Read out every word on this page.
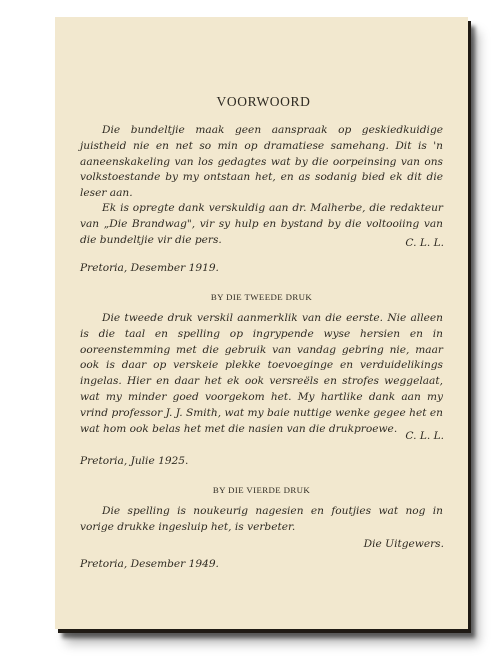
VOORWOORD

Die bundeltjie maak geen aanspraak op geskiedkuidige juistheid nie en net so min op dramatiese samehang. Dit is 'n aaneenskakeling van los gedagtes wat by die oorpeinsing van ons volkstoestande by my ontstaan het, en as sodanig bied ek dit die leser aan.

Ek is opregte dank verskuldig aan dr. Malherbe, die redakteur van „Die Brandwag", vir sy hulp en bystand by die voltooiing van die bundeltjie vir die pers.	C. L. L.

Pretoria, Desember 1919.

BY DIE TWEEDE DRUK

Die tweede druk verskil aanmerklik van die eerste. Nie alleen is die taal en spelling op ingrypende wyse hersien en in ooreenstemming met die gebruik van vandag gebring nie, maar ook is daar op verskeie plekke toevoeginge en verduidelikings ingelas. Hier en daar het ek ook versreëls en strofes weggelaat, wat my minder goed voorgekom het. My hartlike dank aan my vrind professor J. J. Smith, wat my baie nuttige wenke gegee het en wat hom ook belas het met die nasien van die drukproewe.

C. L. L.

Pretoria, Julie 1925.

BY DIE VIERDE DRUK

Die spelling is noukeurig nagesien en foutjies wat nog in vorige drukke ingesluip het, is verbeter.

Die Uitgewers.

Pretoria, Desember 1949.
